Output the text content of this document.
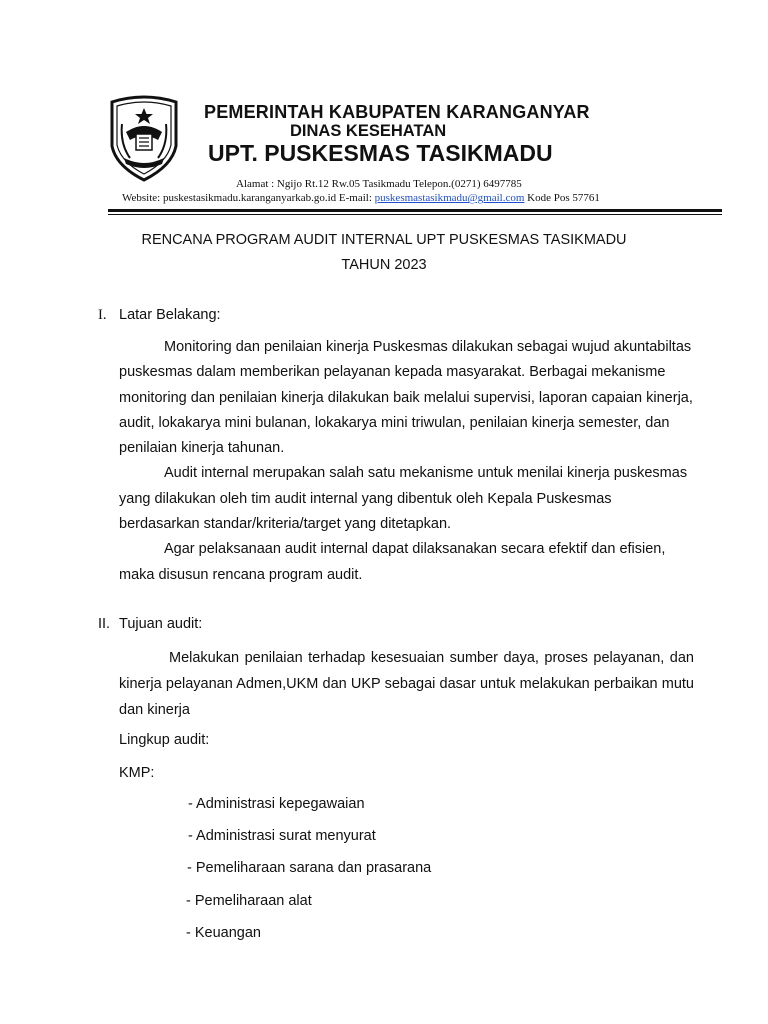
PEMERINTAH KABUPATEN KARANGANYAR
DINAS KESEHATAN
UPT. PUSKESMAS TASIKMADU
Alamat : Ngijo Rt.12 Rw.05 Tasikmadu Telepon.(0271) 6497785
Website: puskestasikmadu.karanganyarkab.go.id E-mail: puskesmastasikmadu@gmail.com Kode Pos 57761
RENCANA PROGRAM AUDIT INTERNAL UPT PUSKESMAS TASIKMADU
TAHUN 2023
I. Latar Belakang:

Monitoring dan penilaian kinerja Puskesmas dilakukan sebagai wujud akuntabiltas puskesmas dalam memberikan pelayanan kepada masyarakat. Berbagai mekanisme monitoring dan penilaian kinerja dilakukan baik melalui supervisi, laporan capaian kinerja, audit, lokakarya mini bulanan, lokakarya mini triwulan, penilaian kinerja semester, dan penilaian kinerja tahunan.

Audit internal merupakan salah satu mekanisme untuk menilai kinerja puskesmas yang dilakukan oleh tim audit internal yang dibentuk oleh Kepala Puskesmas berdasarkan standar/kriteria/target yang ditetapkan.

Agar pelaksanaan audit internal dapat dilaksanakan secara efektif dan efisien, maka disusun rencana program audit.

II. Tujuan audit:

Melakukan penilaian terhadap kesesuaian sumber daya, proses pelayanan, dan kinerja pelayanan Admen,UKM dan UKP sebagai dasar untuk melakukan perbaikan mutu dan kinerja

Lingkup audit:
KMP:
- Administrasi kepegawaian
- Administrasi surat menyurat
- Pemeliharaan sarana dan prasarana
- Pemeliharaan alat
- Keuangan
